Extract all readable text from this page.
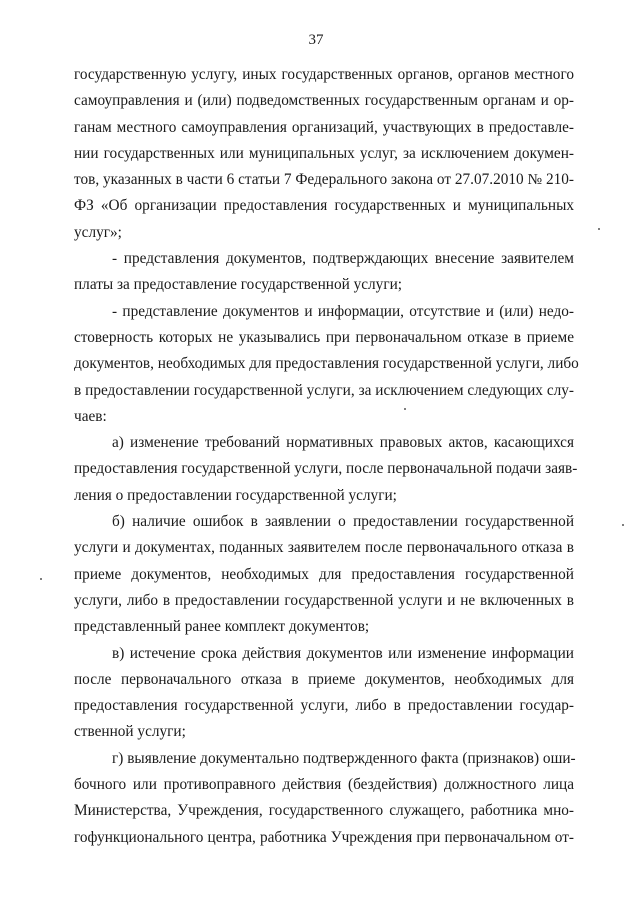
37
государственную услугу, иных государственных органов, органов местного
самоуправления и (или) подведомственных государственным органам и ор-
ганам местного самоуправления организаций, участвующих в предоставле-
нии государственных или муниципальных услуг, за исключением докумен-
тов, указанных в части 6 статьи 7 Федерального закона от 27.07.2010 № 210-
ФЗ «Об организации предоставления государственных и муниципальных
услуг»;
- представления документов, подтверждающих внесение заявителем
платы за предоставление государственной услуги;
- представление документов и информации, отсутствие и (или) недо-
стоверность которых не указывались при первоначальном отказе в приеме
документов, необходимых для предоставления государственной услуги, либо
в предоставлении государственной услуги, за исключением следующих слу-
чаев:
а) изменение требований нормативных правовых актов, касающихся
предоставления государственной услуги, после первоначальной подачи заяв-
ления о предоставлении государственной услуги;
б) наличие ошибок в заявлении о предоставлении государственной
услуги и документах, поданных заявителем после первоначального отказа в
приеме документов, необходимых для предоставления государственной
услуги, либо в предоставлении государственной услуги и не включенных в
представленный ранее комплект документов;
в) истечение срока действия документов или изменение информации
после первоначального отказа в приеме документов, необходимых для
предоставления государственной услуги, либо в предоставлении государ-
ственной услуги;
г) выявление документально подтвержденного факта (признаков) оши-
бочного или противоправного действия (бездействия) должностного лица
Министерства, Учреждения, государственного служащего, работника мно-
гофункционального центра, работника Учреждения при первоначальном от-
